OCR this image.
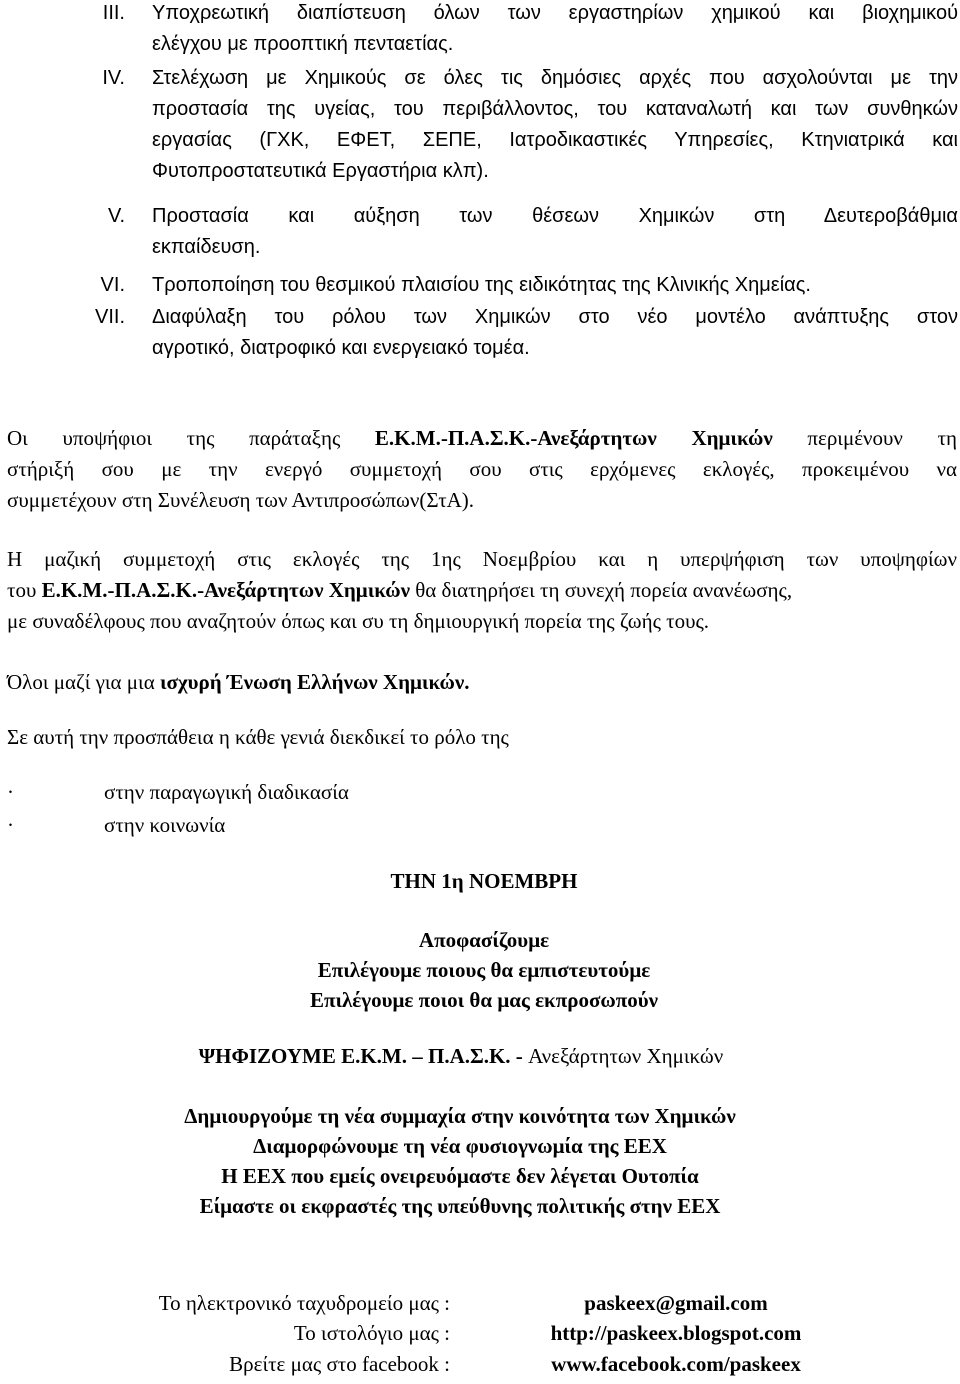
III. Υποχρεωτική διαπίστευση όλων των εργαστηρίων χημικού και βιοχημικού
ελέγχου με προοπτική πενταετίας.
IV. Στελέχωση με Χημικούς σε όλες τις δημόσιες αρχές που ασχολούνται με την
προστασία της υγείας, του περιβάλλοντος, του καταναλωτή και των συνθηκών
εργασίας (ΓΧΚ, ΕΦΕΤ, ΣΕΠΕ, Ιατροδικαστικές Υπηρεσίες, Κτηνιατρικά και
Φυτοπροστατευτικά Εργαστήρια κλπ).
V. Προστασία και αύξηση των θέσεων Χημικών στη Δευτεροβάθμια
εκπαίδευση.
VI. Τροποποίηση του θεσμικού πλαισίου της ειδικότητας της Κλινικής Χημείας.
VII. Διαφύλαξη του ρόλου των Χημικών στο νέο μοντέλο ανάπτυξης στον
αγροτικό, διατροφικό και ενεργειακό τομέα.
Οι υποψήφιοι της παράταξης Ε.Κ.Μ.-Π.Α.Σ.Κ.-Ανεξάρτητων Χημικών περιμένουν τη
στήριξή σου με την ενεργό συμμετοχή σου στις ερχόμενες εκλογές, προκειμένου να
συμμετέχουν στη Συνέλευση των Αντιπροσώπων(ΣτΑ).
Η μαζική συμμετοχή στις εκλογές της 1ης Νοεμβρίου και η υπερψήφιση των υποψηφίων
του Ε.Κ.Μ.-Π.Α.Σ.Κ.-Ανεξάρτητων Χημικών θα διατηρήσει τη συνεχή πορεία ανανέωσης,
με συναδέλφους που αναζητούν όπως και συ τη δημιουργική πορεία της ζωής τους.
Όλοι μαζί για μια ισχυρή Ένωση Ελλήνων Χημικών.
Σε αυτή την προσπάθεια η κάθε γενιά διεκδικεί το ρόλο της
·	στην παραγωγική διαδικασία
·	στην κοινωνία
ΤΗΝ 1η ΝΟΕΜΒΡΗ
Αποφασίζουμε
Επιλέγουμε ποιους θα εμπιστευτούμε
Επιλέγουμε ποιοι θα μας εκπροσωπούν
ΨΗΦΙΖΟΥΜΕ Ε.Κ.Μ. – Π.Α.Σ.Κ. - Ανεξάρτητων Χημικών
Δημιουργούμε τη νέα συμμαχία στην κοινότητα των Χημικών
Διαμορφώνουμε τη νέα φυσιογνωμία της ΕΕΧ
Η ΕΕΧ που εμείς ονειρευόμαστε δεν λέγεται Ουτοπία
Είμαστε οι εκφραστές της υπεύθυνης πολιτικής στην ΕΕΧ
Το ηλεκτρονικό ταχυδρομείο μας :	paskeex@gmail.com
Το ιστολόγιο μας :	http://paskeex.blogspot.com
Βρείτε μας στο facebook :	www.facebook.com/paskeex
